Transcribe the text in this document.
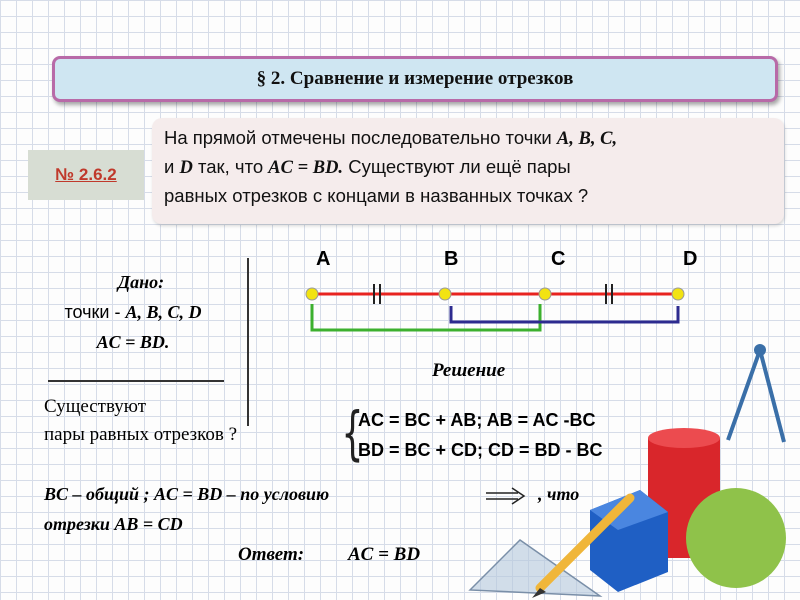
§ 2. Сравнение и измерение отрезков
№ 2.6.2
На прямой отмечены последовательно точки A, B, C,
и D так, что AC = BD. Существуют ли ещё пары
равных отрезков с концами в названных точках ?
Дано:
точки - A, B, C, D
AC = BD.
Существуют
пары равных отрезков ?
A	B	C	D
Решение
{
AC = BC + AB; AB = AC -BC
BD = BC + CD; CD = BD - BC
BC – общий ; AC = BD – по условию	, что
отрезки AB = CD
Ответ: AC = BD
